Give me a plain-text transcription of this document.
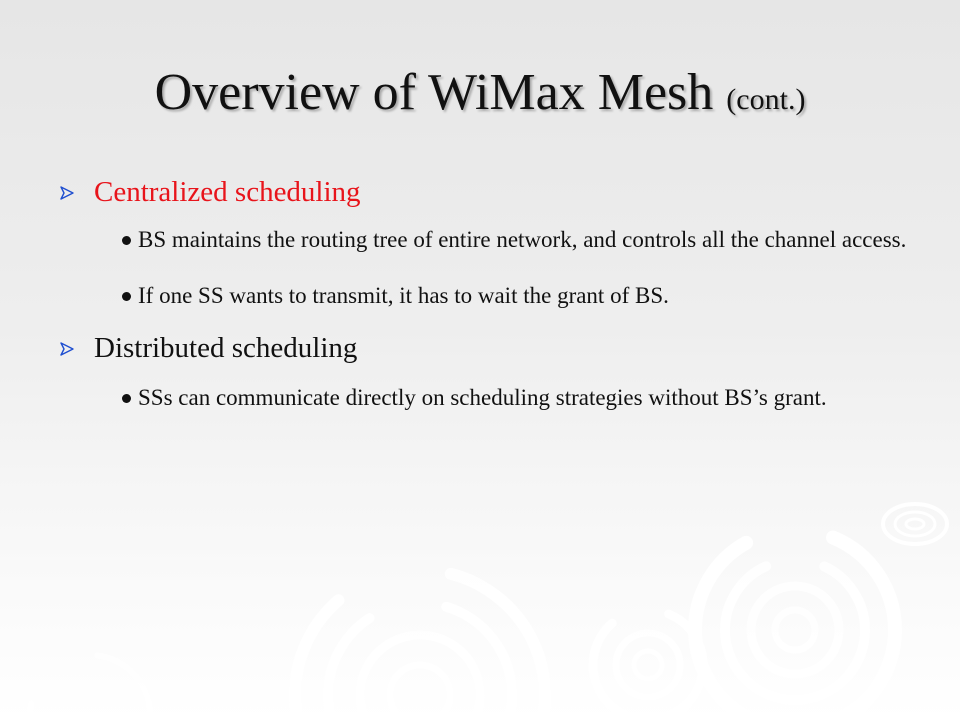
Overview of WiMax Mesh (cont.)
Centralized scheduling
BS maintains the routing tree of entire network, and controls all the channel access.
If one SS wants to transmit, it has to wait the grant of BS.
Distributed scheduling
SSs can communicate directly on scheduling strategies without BS’s grant.
